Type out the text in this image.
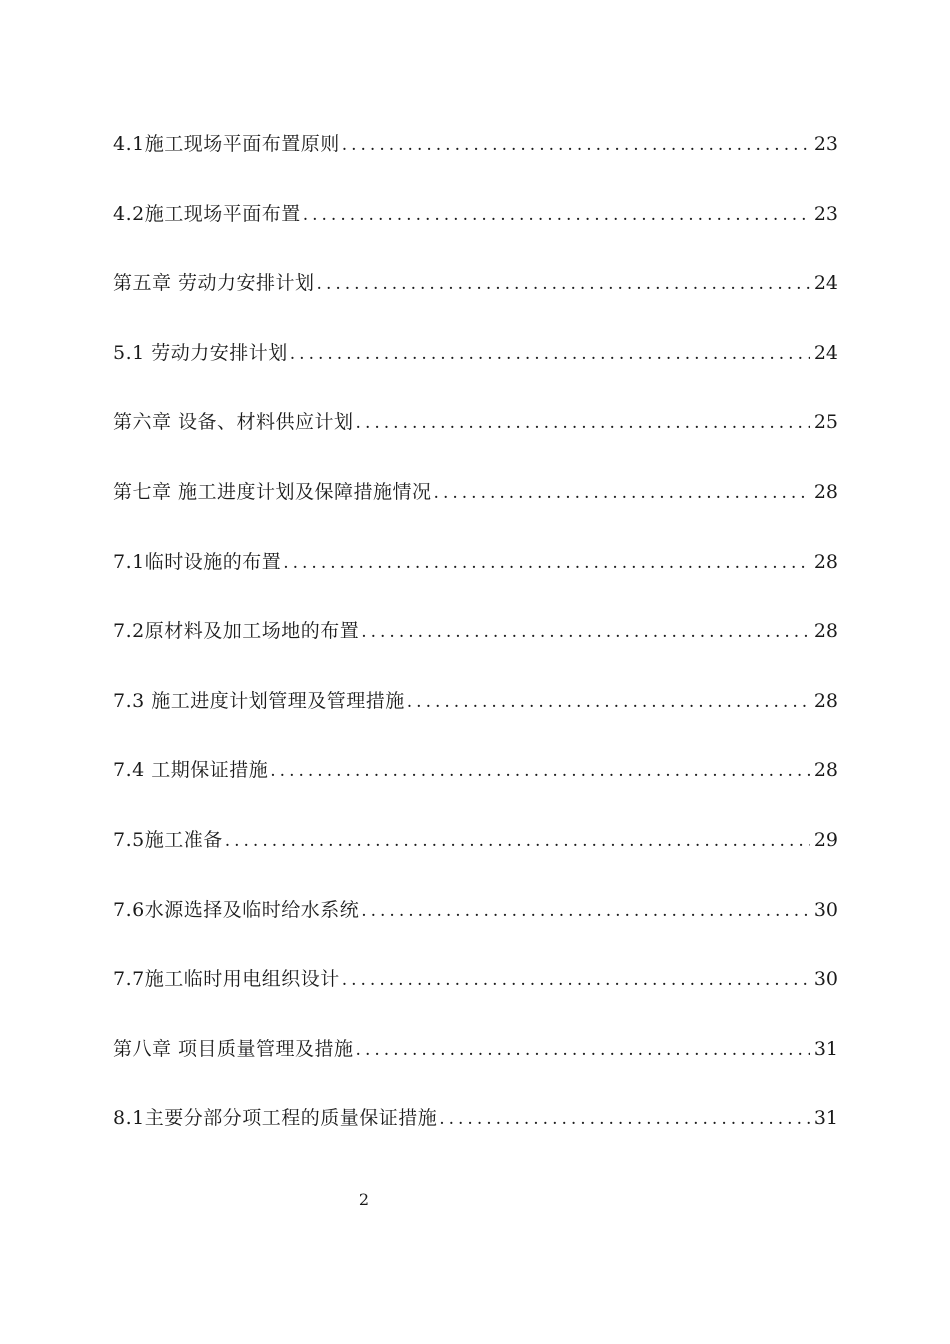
4.1施工现场平面布置原则 .....	23
4.2施工现场平面布置 .....	23
第五章 劳动力安排计划 .....	24
5.1 劳动力安排计划 .....	24
第六章 设备、材料供应计划 .....	25
第七章 施工进度计划及保障措施情况 .....	28
7.1临时设施的布置 .....	28
7.2原材料及加工场地的布置 .....	28
7.3 施工进度计划管理及管理措施 .....	28
7.4 工期保证措施 .....	28
7.5施工准备 .....	29
7.6水源选择及临时给水系统 .....	30
7.7施工临时用电组织设计 .....	30
第八章 项目质量管理及措施 .....	31
8.1主要分部分项工程的质量保证措施 .....	31
2
